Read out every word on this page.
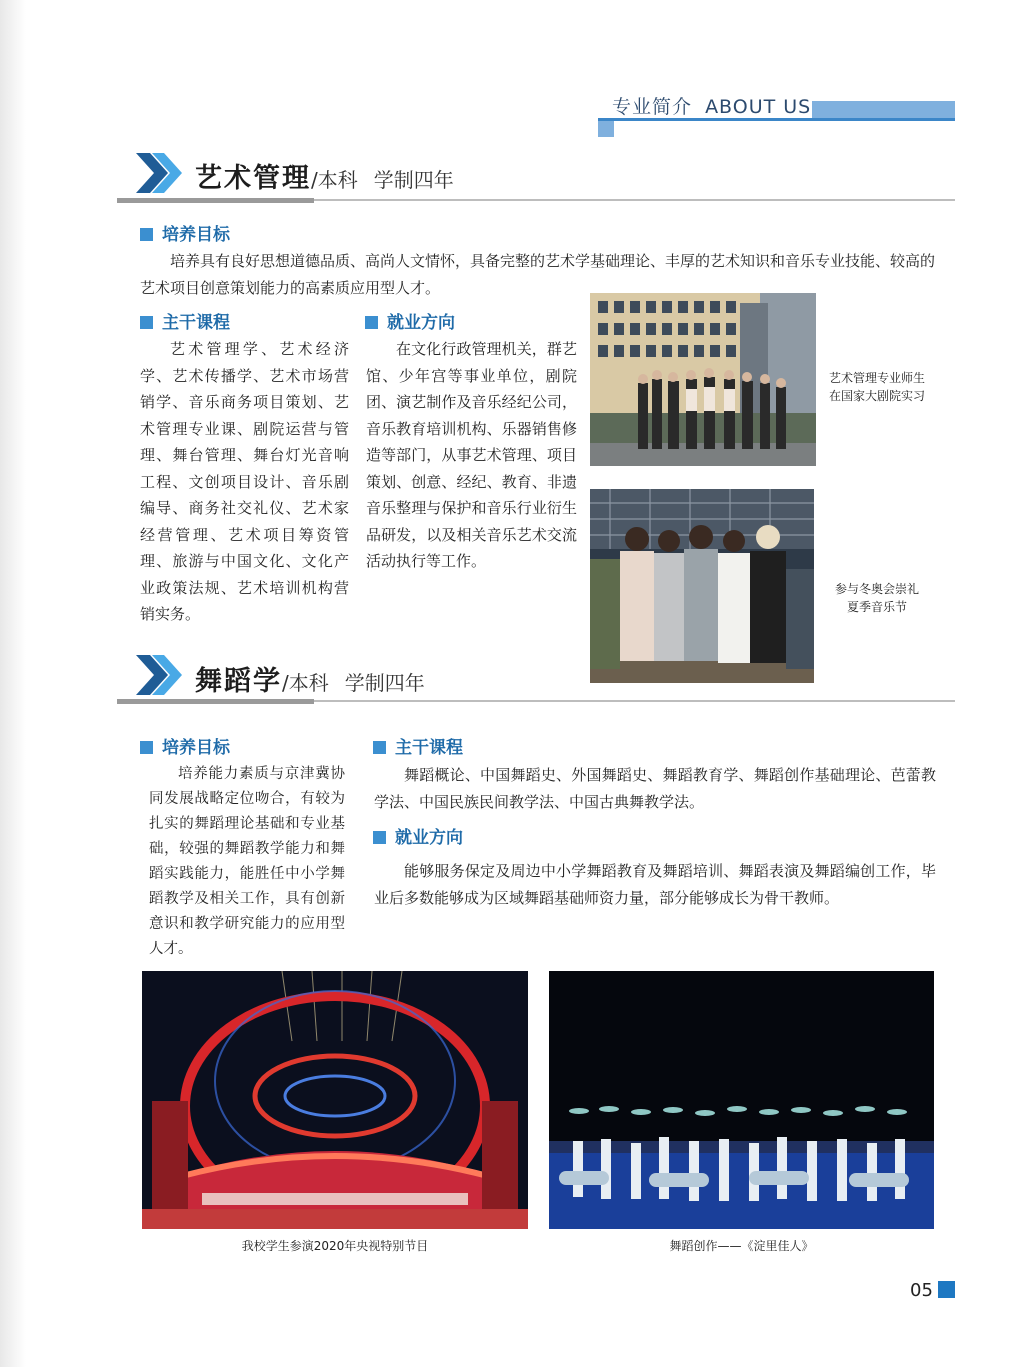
专业简介 ABOUT US
艺术管理/本科 学制四年
培养目标
培养具有良好思想道德品质、高尚人文情怀，具备完整的艺术学基础理论、丰厚的艺术知识和音乐专业技能、较高的艺术项目创意策划能力的高素质应用型人才。
主干课程
艺术管理学、艺术经济学、艺术传播学、艺术市场营销学、音乐商务项目策划、艺术管理专业课、剧院运营与管理、舞台管理、舞台灯光音响工程、文创项目设计、音乐剧编导、商务社交礼仪、艺术家经营管理、艺术项目筹资管理、旅游与中国文化、文化产业政策法规、艺术培训机构营销实务。
就业方向
在文化行政管理机关，群艺馆、少年宫等事业单位，剧院团、演艺制作及音乐经纪公司，音乐教育培训机构、乐器销售修造等部门，从事艺术管理、项目策划、创意、经纪、教育、非遗音乐整理与保护和音乐行业衍生品研发，以及相关音乐艺术交流活动执行等工作。
艺术管理专业师生
在国家大剧院实习
参与冬奥会崇礼
夏季音乐节
舞蹈学/本科 学制四年
培养目标
培养能力素质与京津冀协同发展战略定位吻合，有较为扎实的舞蹈理论基础和专业基础，较强的舞蹈教学能力和舞蹈实践能力，能胜任中小学舞蹈教学及相关工作，具有创新意识和教学研究能力的应用型人才。
主干课程
舞蹈概论、中国舞蹈史、外国舞蹈史、舞蹈教育学、舞蹈创作基础理论、芭蕾教学法、中国民族民间教学法、中国古典舞教学法。
就业方向
能够服务保定及周边中小学舞蹈教育及舞蹈培训、舞蹈表演及舞蹈编创工作，毕业后多数能够成为区域舞蹈基础师资力量，部分能够成长为骨干教师。
我校学生参演2020年央视特别节目	舞蹈创作——《淀里佳人》
05
